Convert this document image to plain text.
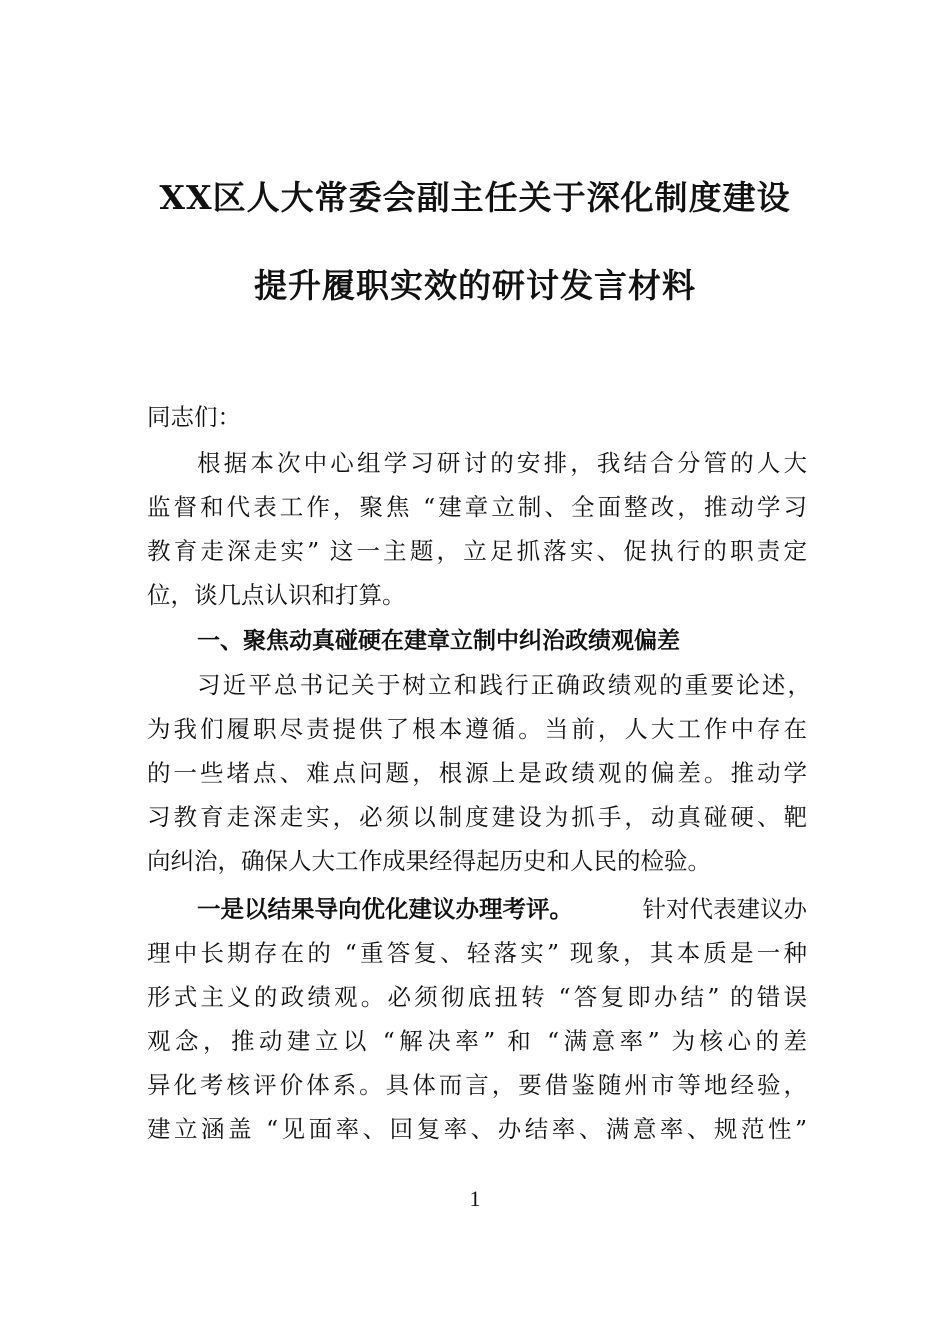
XX区人大常委会副主任关于深化制度建设
提升履职实效的研讨发言材料
同志们：
根据本次中心组学习研讨的安排，我结合分管的人大
监督和代表工作，聚焦 “建章立制、全面整改，推动学习
教育走深走实” 这一主题，立足抓落实、促执行的职责定
位，谈几点认识和打算。
一、聚焦动真碰硬在建章立制中纠治政绩观偏差
习近平总书记关于树立和践行正确政绩观的重要论述，
为我们履职尽责提供了根本遵循。当前，人大工作中存在
的一些堵点、难点问题，根源上是政绩观的偏差。推动学
习教育走深走实，必须以制度建设为抓手，动真碰硬、靶
向纠治，确保人大工作成果经得起历史和人民的检验。
一是以结果导向优化建议办理考评。	针对代表建议办
理中长期存在的 “重答复、轻落实” 现象，其本质是一种
形式主义的政绩观。必须彻底扭转 “答复即办结” 的错误
观念，推动建立以 “解决率” 和 “满意率” 为核心的差
异化考核评价体系。具体而言，要借鉴随州市等地经验，
建立涵盖 “见面率、回复率、办结率、满意率、规范性”
1
